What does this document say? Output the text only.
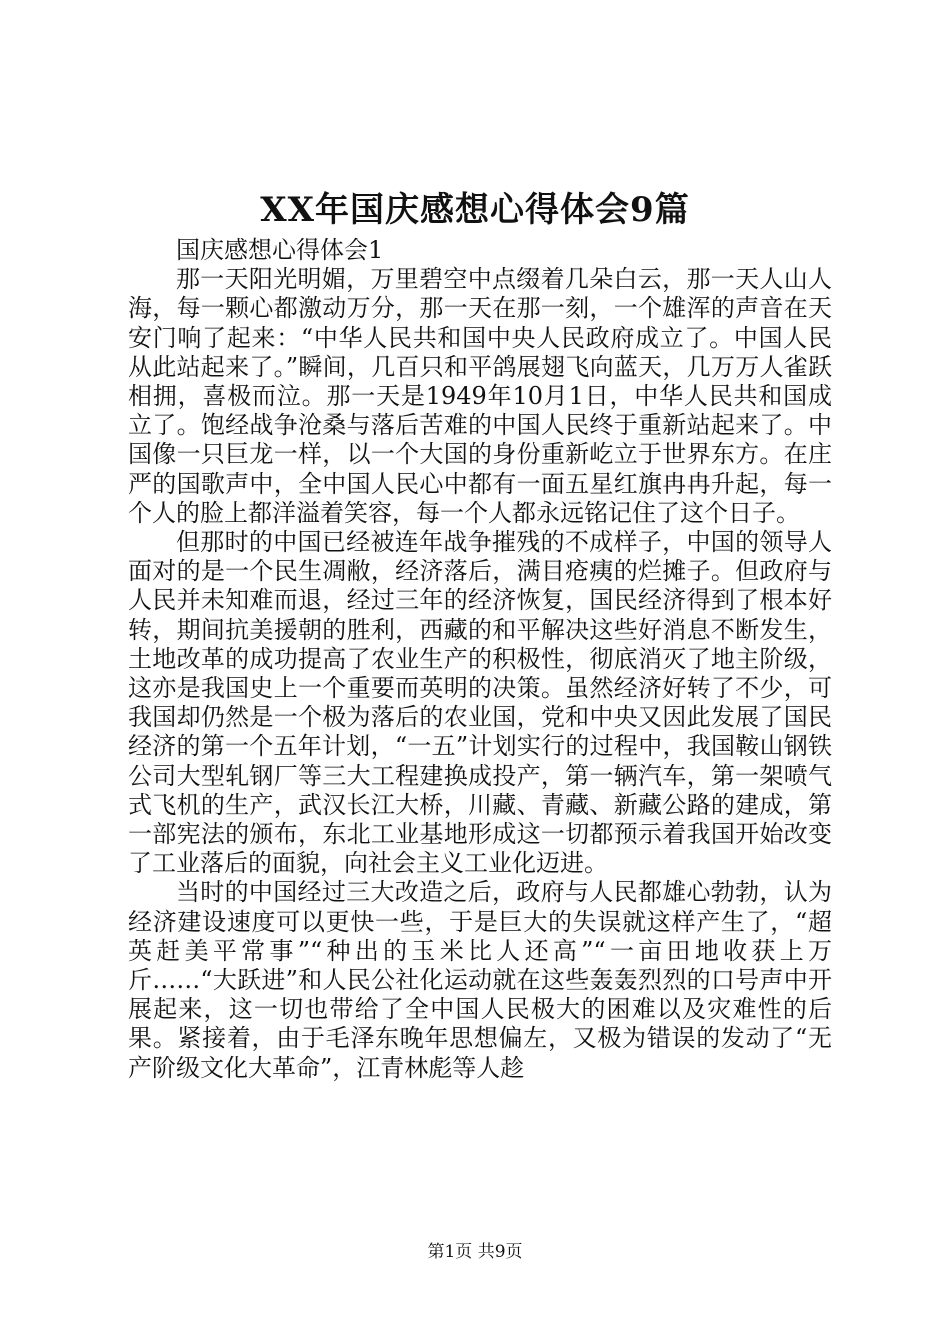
XX年国庆感想心得体会9篇
国庆感想心得体会1

那一天阳光明媚，万里碧空中点缀着几朵白云，那一天人山人海，每一颗心都激动万分，那一天在那一刻，一个雄浑的声音在天安门响了起来：“中华人民共和国中央人民政府成立了。中国人民从此站起来了。”瞬间，几百只和平鸽展翅飞向蓝天，几万万人雀跃相拥，喜极而泣。那一天是1949年10月1日，中华人民共和国成立了。饱经战争沧桑与落后苦难的中国人民终于重新站起来了。中国像一只巨龙一样，以一个大国的身份重新屹立于世界东方。在庄严的国歌声中，全中国人民心中都有一面五星红旗冉冉升起，每一个人的脸上都洋溢着笑容，每一个人都永远铭记住了这个日子。

但那时的中国已经被连年战争摧残的不成样子，中国的领导人面对的是一个民生凋敝，经济落后，满目疮痍的烂摊子。但政府与人民并未知难而退，经过三年的经济恢复，国民经济得到了根本好转，期间抗美援朝的胜利，西藏的和平解决这些好消息不断发生，土地改革的成功提高了农业生产的积极性，彻底消灭了地主阶级，这亦是我国史上一个重要而英明的决策。虽然经济好转了不少，可我国却仍然是一个极为落后的农业国，党和中央又因此发展了国民经济的第一个五年计划，“一五”计划实行的过程中，我国鞍山钢铁公司大型轧钢厂等三大工程建换成投产，第一辆汽车，第一架喷气式飞机的生产，武汉长江大桥，川藏、青藏、新藏公路的建成，第一部宪法的颁布，东北工业基地形成这一切都预示着我国开始改变了工业落后的面貌，向社会主义工业化迈进。

当时的中国经过三大改造之后，政府与人民都雄心勃勃，认为经济建设速度可以更快一些，于是巨大的失误就这样产生了，“超英赶美平常事”“种出的玉米比人还高”“一亩田地收获上万斤……“大跃进”和人民公社化运动就在这些轰轰烈烈的口号声中开展起来，这一切也带给了全中国人民极大的困难以及灾难性的后果。紧接着，由于毛泽东晚年思想偏左，又极为错误的发动了“无产阶级文化大革命”，江青林彪等人趁

第1页 共9页
